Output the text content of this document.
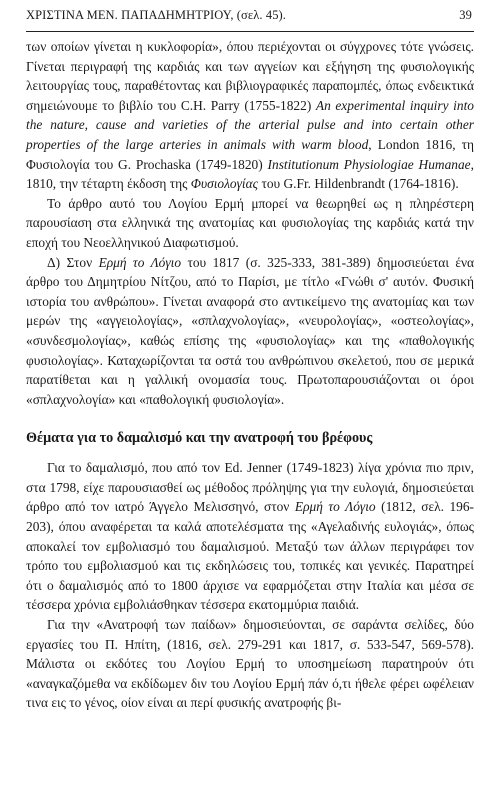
ΧΡΙΣΤΙΝΑ ΜΕΝ. ΠΑΠΑΔΗΜΗΤΡΙΟΥ, (σελ. 45).	39

των οποίων γίνεται η κυκλοφορία», όπου περιέχονται οι σύγχρονες τότε γνώσεις. Γίνεται περιγραφή της καρδιάς και των αγγείων και εξήγηση της φυσιολογικής λειτουργίας τους, παραθέτοντας και βιβλιογραφικές παραπομπές, όπως ενδεικτικά σημειώνουμε το βιβλίο του C.H. Parry (1755-1822) An experimental inquiry into the nature, cause and varieties of the arterial pulse and into certain other properties of the large arteries in animals with warm blood, London 1816, τη Φυσιολογία του G. Prochaska (1749-1820) Institutionum Physiologiae Humanae, 1810, την τέταρτη έκδοση της Φυσιολογίας του G.Fr. Hildenbrandt (1764-1816).

Το άρθρο αυτό του Λογίου Ερμή μπορεί να θεωρηθεί ως η πληρέστερη παρουσίαση στα ελληνικά της ανατομίας και φυσιολογίας της καρδιάς κατά την εποχή του Νεοελληνικού Διαφωτισμού.

Δ) Στον Ερμή το Λόγιο του 1817 (σ. 325-333, 381-389) δημοσιεύεται ένα άρθρο του Δημητρίου Νίτζου, από το Παρίσι, με τίτλο «Γνώθι σ' αυτόν. Φυσική ιστορία του ανθρώπου». Γίνεται αναφορά στο αντικείμενο της ανατομίας και των μερών της «αγγειολογίας», «σπλαχνολογίας», «νευρολογίας», «οστεολογίας», «συνδεσμολογίας», καθώς επίσης της «φυσιολογίας» και της «παθολογικής φυσιολογίας». Καταχωρίζονται τα οστά του ανθρώπινου σκελετού, που σε μερικά παρατίθεται και η γαλλική ονομασία τους. Πρωτοπαρουσιάζονται οι όροι «σπλαχνολογία» και «παθολογική φυσιολογία».

Θέματα για το δαμαλισμό και την ανατροφή του βρέφους

Για το δαμαλισμό, που από τον Ed. Jenner (1749-1823) λίγα χρόνια πιο πριν, στα 1798, είχε παρουσιασθεί ως μέθοδος πρόληψης για την ευλογιά, δημοσιεύεται άρθρο από τον ιατρό Άγγελο Μελισσηνό, στον Ερμή το Λόγιο (1812, σελ. 196-203), όπου αναφέρεται τα καλά αποτελέσματα της «Αγελαδινής ευλογιάς», όπως αποκαλεί τον εμβολιασμό του δαμαλισμού. Μεταξύ των άλλων περιγράφει τον τρόπο του εμβολιασμού και τις εκδηλώσεις του, τοπικές και γενικές. Παρατηρεί ότι ο δαμαλισμός από το 1800 άρχισε να εφαρμόζεται στην Ιταλία και μέσα σε τέσσερα χρόνια εμβολιάσθηκαν τέσσερα εκατομμύρια παιδιά.

Για την «Ανατροφή των παίδων» δημοσιεύονται, σε σαράντα σελίδες, δύο εργασίες του Π. Ηπίτη, (1816, σελ. 279-291 και 1817, σ. 533-547, 569-578). Μάλιστα οι εκδότες του Λογίου Ερμή το υποσημείωση παρατηρούν ότι «αναγκαζόμεθα να εκδίδωμεν διν του Λογίου Ερμή πάν ό,τι ήθελε φέρει ωφέλειαν τινα εις το γένος, οίον είναι αι περί φυσικής ανατροφής βι-
